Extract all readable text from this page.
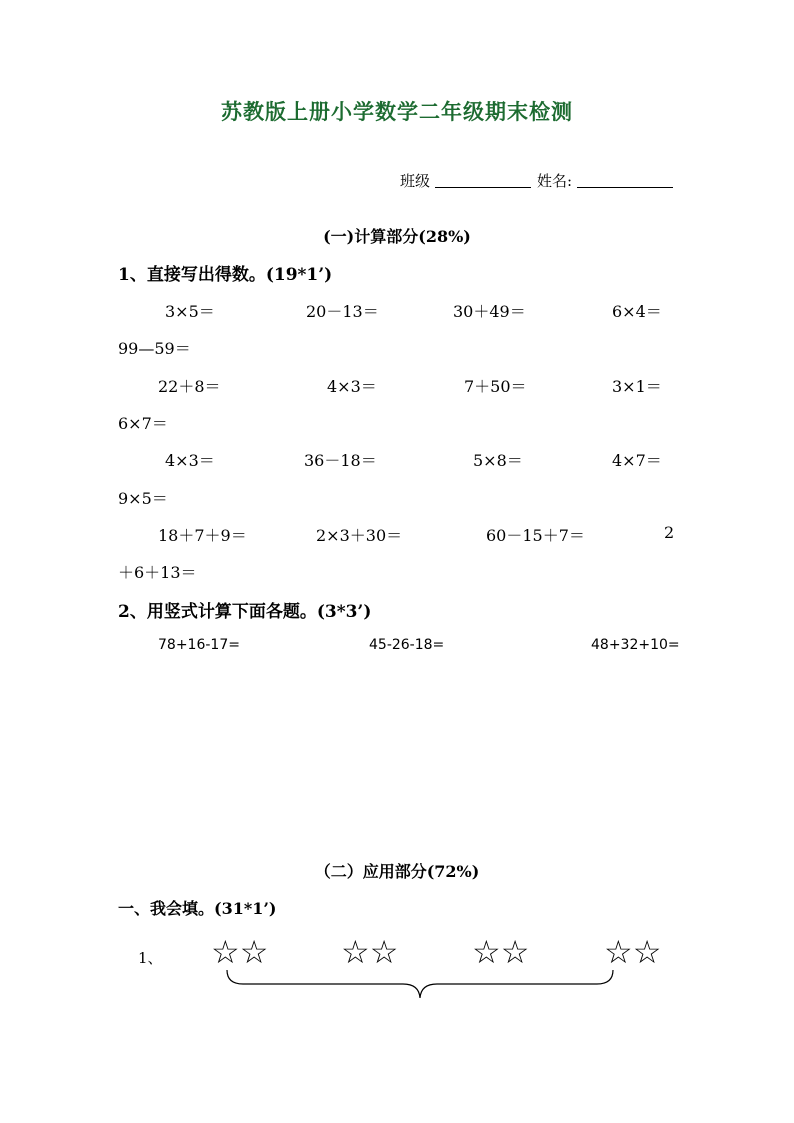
苏教版上册小学数学二年级期末检测
班级	姓名:
(一)计算部分(28%)
1、直接写出得数。(19*1’)
3×5＝	20－13＝	30＋49＝	6×4＝
99—59＝
22＋8＝	4×3＝	7＋50＝	3×1＝
6×7＝
4×3＝	36－18＝	5×8＝	4×7＝
9×5＝
18＋7＋9＝	2×3＋30＝	60－15＋7＝	2
＋6＋13＝
2、用竖式计算下面各题。(3*3’)
78+16-17=	45-26-18=	48+32+10=
（二）应用部分(72%)
一、我会填。(31*1’)
1、 ☆☆ ☆☆ ☆☆ ☆☆
